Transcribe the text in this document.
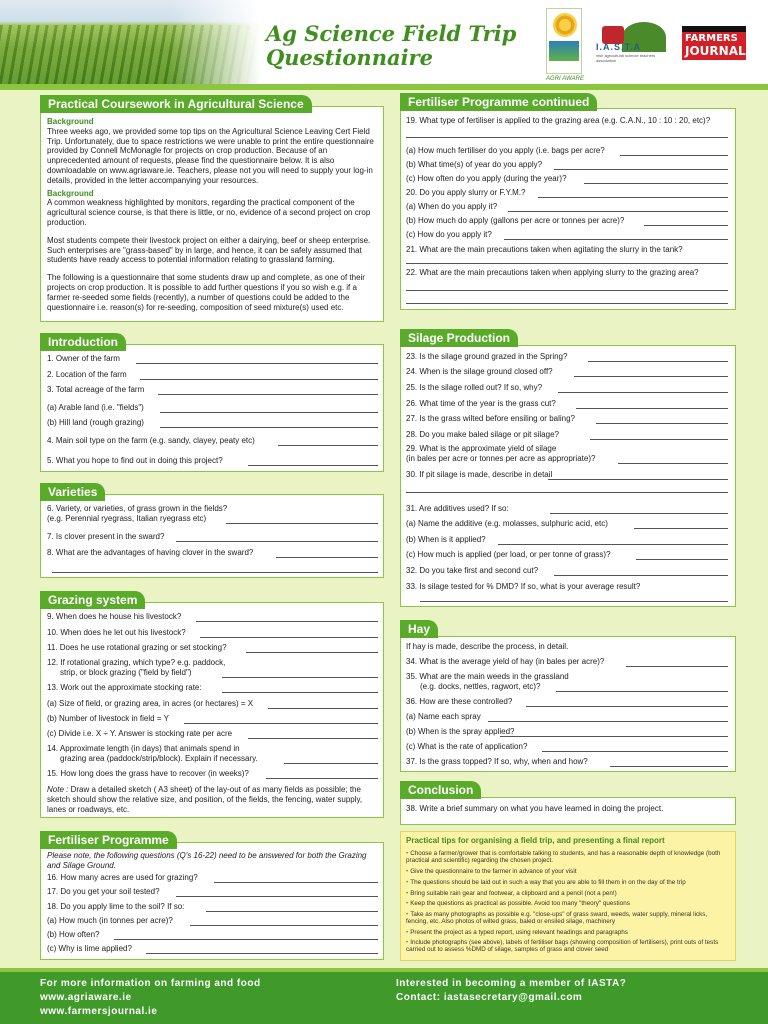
Ag Science Field Trip
Questionnaire
AGRI AWARE
I.A.S.T.A
irish agricultural science teachers association
FARMERS
JOURNAL
Practical Coursework in Agricultural Science
Background
Three weeks ago, we provided some top tips on the Agricultural Science Leaving Cert Field Trip. Unfortunately, due to space restrictions we were unable to print the entire questionnaire provided by Connell McMonagle for projects on crop production. Because of an unprecedented amount of requests, please find the questionnaire below. It is also downloadable on www.agriaware.ie. Teachers, please not you will need to supply your log-in details, provided in the letter accompanying your resources.
Background
A common weakness highlighted by monitors, regarding the practical component of the agricultural science course, is that there is little, or no, evidence of a second project on crop production.
Most students compete their livestock project on either a dairying, beef or sheep enterprise. Such enterprises are "grass-based" by in large, and hence, it can be safely assumed that students have ready access to potential information relating to grassland farming.
The following is a questionnaire that some students draw up and complete, as one of their projects on crop production. It is possible to add further questions if you so wish e.g. if a farmer re-seeded some fields (recently), a number of questions could be added to the questionnaire i.e. reason(s) for re-seeding, composition of seed mixture(s) used etc.
Introduction
1. Owner of the farm
2. Location of the farm
3. Total acreage of the farm
(a) Arable land (i.e. "fields")
(b) Hill land (rough grazing)
4. Main soil type on the farm (e.g. sandy, clayey, peaty etc)
5. What you hope to find out in doing this project?
Varieties
6. Variety, or varieties, of grass grown in the fields?
(e.g. Perennial ryegrass, Italian ryegrass etc)
7. Is clover present in the sward?
8. What are the advantages of having clover in the sward?
Grazing system
9. When does he house his livestock?
10. When does he let out his livestock?
11. Does he use rotational grazing or set stocking?
12. If rotational grazing, which type? e.g. paddock,
strip, or block grazing ("field by field")
13. Work out the approximate stocking rate:
(a) Size of field, or grazing area, in acres (or hectares) = X
(b) Number of livestock in field = Y
(c) Divide i.e. X ÷ Y. Answer is stocking rate per acre
14. Approximate length (in days) that animals spend in
grazing area (paddock/strip/block). Explain if necessary.
15. How long does the grass have to recover (in weeks)?
Note : Draw a detailed sketch ( A3 sheet) of the lay-out of as many fields as possible; the sketch should show the relative size, and position, of the fields, the fencing, water supply, lanes or roadways, etc.
Fertiliser Programme
Please note, the following questions (Q's 16-22) need to be answered for both the Grazing and Silage Ground.
16. How many acres are used for grazing?
17. Do you get your soil tested?
18. Do you apply lime to the soil? If so:
(a) How much (in tonnes per acre)?
(b) How often?
(c) Why is lime applied?
Fertiliser Programme continued
19. What type of fertiliser is applied to the grazing area (e.g. C.A.N., 10 : 10 : 20, etc)?
(a) How much fertiliser do you apply (i.e. bags per acre?
(b) What time(s) of year do you apply?
(c) How often do you apply (during the year)?
20. Do you apply slurry or F.Y.M.?
(a) When do you apply it?
(b) How much do apply (gallons per acre or tonnes per acre)?
(c) How do you apply it?
21. What are the main precautions taken when agitating the slurry in the tank?
22. What are the main precautions taken when applying slurry to the grazing area?
Silage Production
23. Is the silage ground grazed in the Spring?
24. When is the silage ground closed off?
25. Is the silage rolled out? If so, why?
26. What time of the year is the grass cut?
27. Is the grass wilted before ensiling or baling?
28. Do you make baled silage or pit silage?
29. What is the approximate yield of silage
(in bales per acre or tonnes per acre as appropriate)?
30. If pit silage is made, describe in detail
31. Are additives used? If so:
(a) Name the additive (e.g. molasses, sulphuric acid, etc)
(b) When is it applied?
(c) How much is applied (per load, or per tonne of grass)?
32. Do you take first and second cut?
33. Is silage tested for % DMD? If so, what is your average result?
Hay
If hay is made, describe the process, in detail.
34. What is the average yield of hay (in bales per acre)?
35. What are the main weeds in the grassland
(e.g. docks, nettles, ragwort, etc)?
36. How are these controlled?
(a) Name each spray
(b) When is the spray applied?
(c) What is the rate of application?
37. Is the grass topped? If so, why, when and how?
Conclusion
38. Write a brief summary on what you have learned in doing the project.
Practical tips for organising a field trip, and presenting a final report
• Choose a farmer/grower that is comfortable talking to students, and has a reasonable depth of knowledge (both practical and scientific) regarding the chosen project.
• Give the questionnaire to the farmer in advance of your visit
• The questions should be laid out in such a way that you are able to fill them in on the day of the trip
• Bring suitable rain gear and footwear, a clipboard and a pencil (not a pen!)
• Keep the questions as practical as possible. Avoid too many "theory" questions
• Take as many photographs as possible e.g. "close-ups" of grass sward, weeds, water supply, mineral licks, fencing, etc. Also photos of wilted grass, baled or ensiled silage, machinery
• Present the project as a typed report, using relevant headings and paragraphs
• Include photographs (see above), labels of fertiliser bags (showing composition of fertilisers), print outs of tests carried out to assess %DMD of silage, samples of grass and clover seed
For more information on farming and food
www.agriaware.ie
www.farmersjournal.ie
Interested in becoming a member of IASTA?
Contact: iastasecretary@gmail.com
